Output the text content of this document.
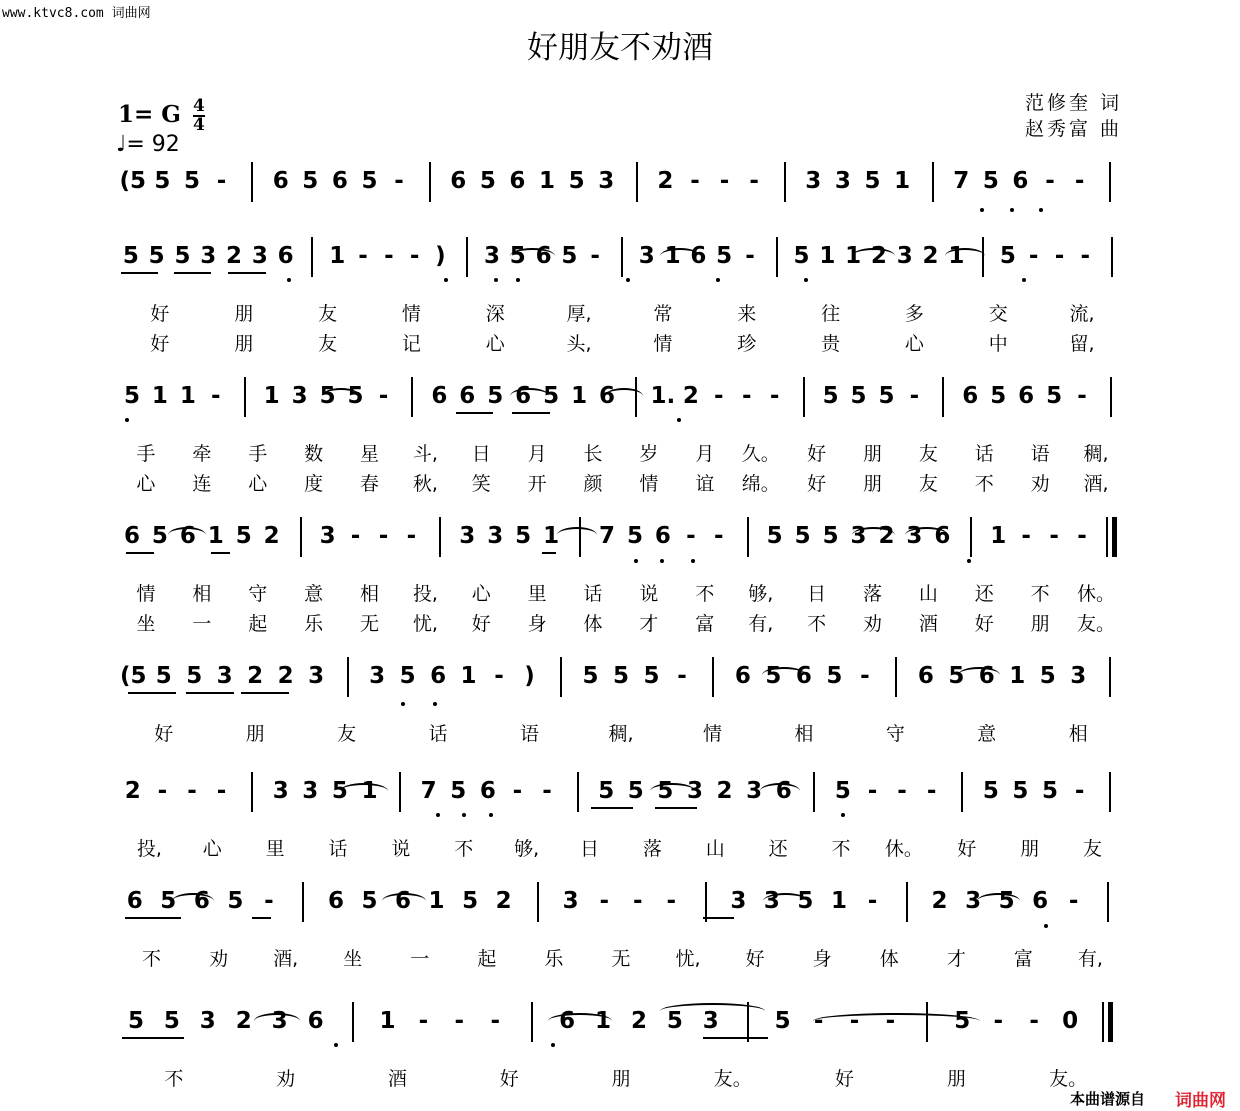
www.ktvc8.com 词曲网
好朋友不劝酒
1= G $\frac{4}{4}$
♩= 92
范修奎 词
赵秀富 曲
(5 5 5 - 6 5 6 5 - 6 5 6 1 5 3 2 - - - 3 3 5 1 7 5 6 - -
5 5 5 3 2 3 6 1 - - - ) 3 5 6 5 - 3 1 6 5 - 5 1 1 2 3 2 1 5 - - -
好	朋	友	情	深	厚,	常	来	往	多	交	流,
好	朋	友	记	心	头,	情	珍	贵	心	中	留,
5 1 1 - 1 3 5 5 - 6 6 5 6 5 1 6 1. 2 - - - 5 5 5 - 6 5 6 5 -
手 牵 手 数 星 斗, 日 月 长 岁 月 久。 好 朋 友 话 语 稠,
心 连 心 度 春 秋, 笑 开 颜 情 谊 绵。 好 朋 友 不 劝 酒,
6 5 6 1 5 2 3 - - - 3 3 5 1 7 5 6 - - 5 5 5 3 2 3 6 1 - - -
情 相 守 意 相 投, 心 里 话 说 不 够, 日 落 山 还 不 休。
坐 一 起 乐 无 忧, 好 身 体 才 富 有, 不 劝 酒 好 朋 友。
(5 5 5 3 2 2 3 3 5 6 1 - ) 5 5 5 - 6 5 6 5 - 6 5 6 1 5 3
好	朋	友	话	语	稠,	情	相	守	意	相
2 - - - 3 3 5 1 7 5 6 - - 5 5 5 3 2 3 6 5 - - - 5 5 5 -
投, 心 里 话 说 不 够, 日 落 山 还 不 休。 好 朋 友
6 5 6 5 - 6 5 6 1 5 2 3 - - - 3 3 5 1 - 2 3 5 6 -
不	劝 酒, 坐	一	起	乐	无 忧, 好	身	体	才	富 有,
5 5 3 2 3 6 1 - - -	6 1 2 5 3 5 - - -	5 - - 0
不	劝	酒	好	朋	友。	好	朋	友。
本曲谱源自 词曲网
